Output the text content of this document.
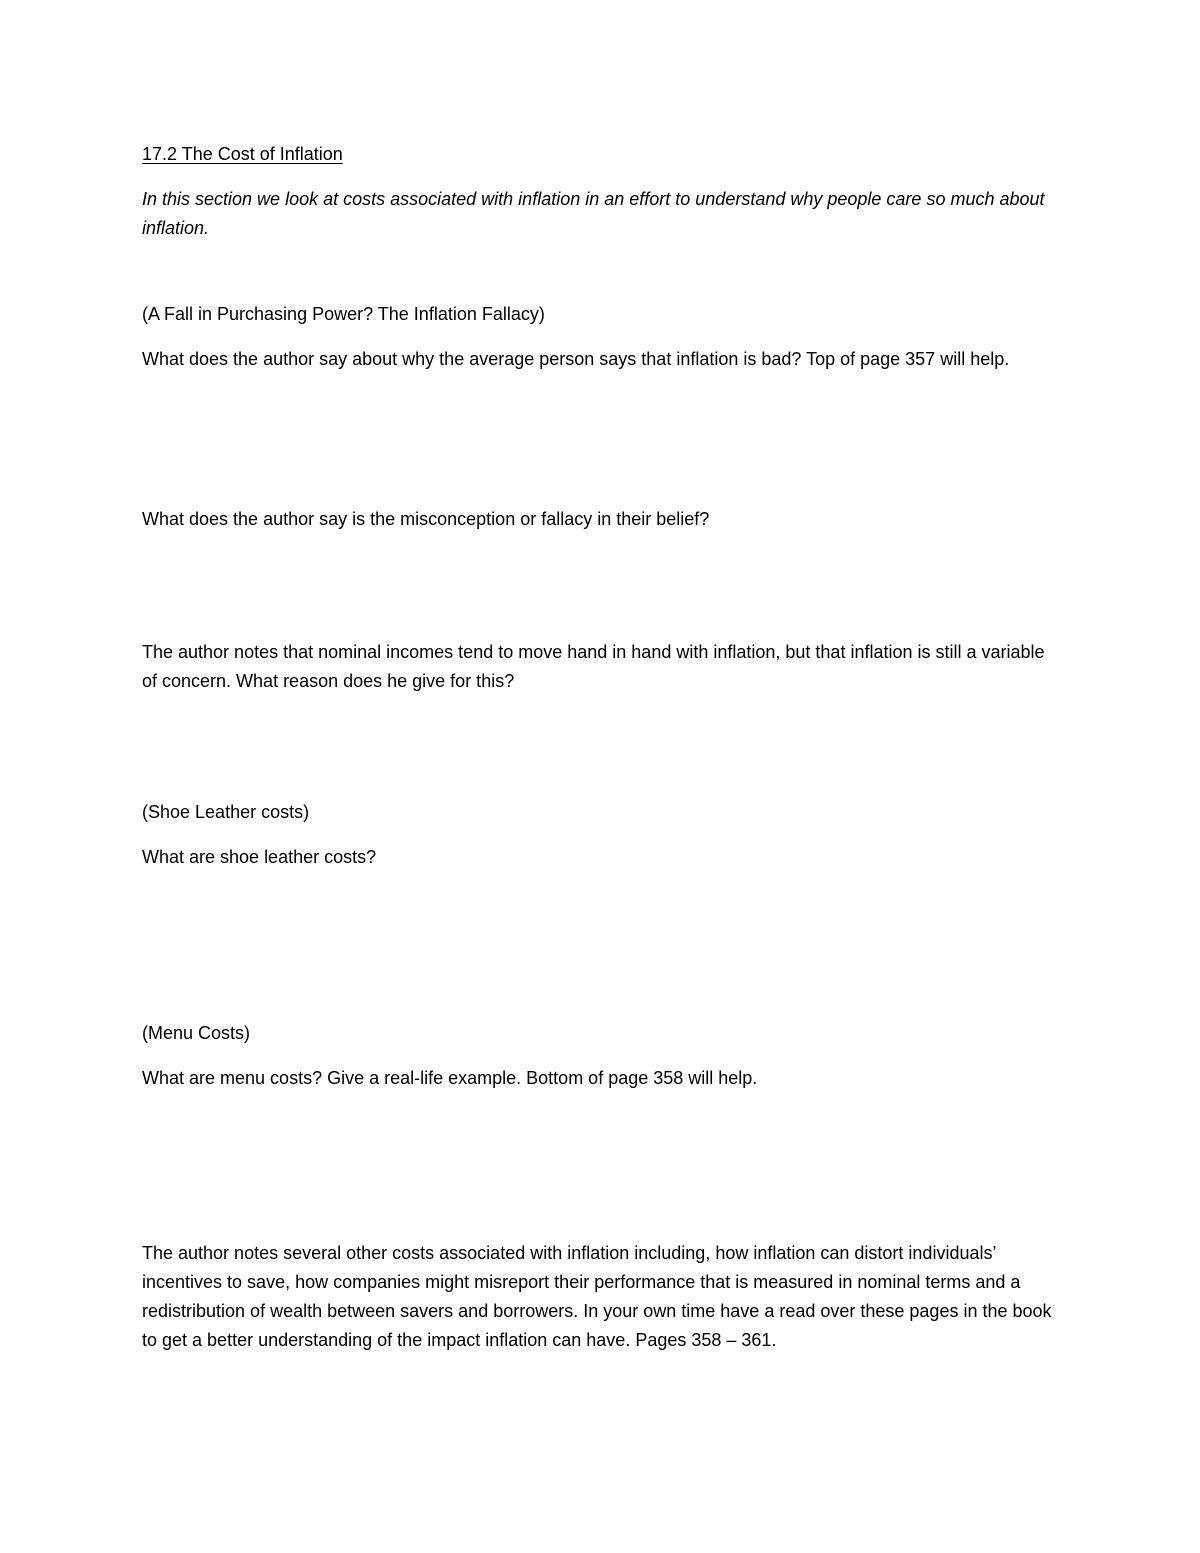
17.2 The Cost of Inflation

In this section we look at costs associated with inflation in an effort to understand why people care so much about inflation.

(A Fall in Purchasing Power? The Inflation Fallacy)

What does the author say about why the average person says that inflation is bad? Top of page 357 will help.

What does the author say is the misconception or fallacy in their belief?

The author notes that nominal incomes tend to move hand in hand with inflation, but that inflation is still a variable of concern. What reason does he give for this?

(Shoe Leather costs)

What are shoe leather costs?

(Menu Costs)

What are menu costs? Give a real-life example. Bottom of page 358 will help.

The author notes several other costs associated with inflation including, how inflation can distort individuals’ incentives to save, how companies might misreport their performance that is measured in nominal terms and a redistribution of wealth between savers and borrowers. In your own time have a read over these pages in the book to get a better understanding of the impact inflation can have. Pages 358 – 361.
